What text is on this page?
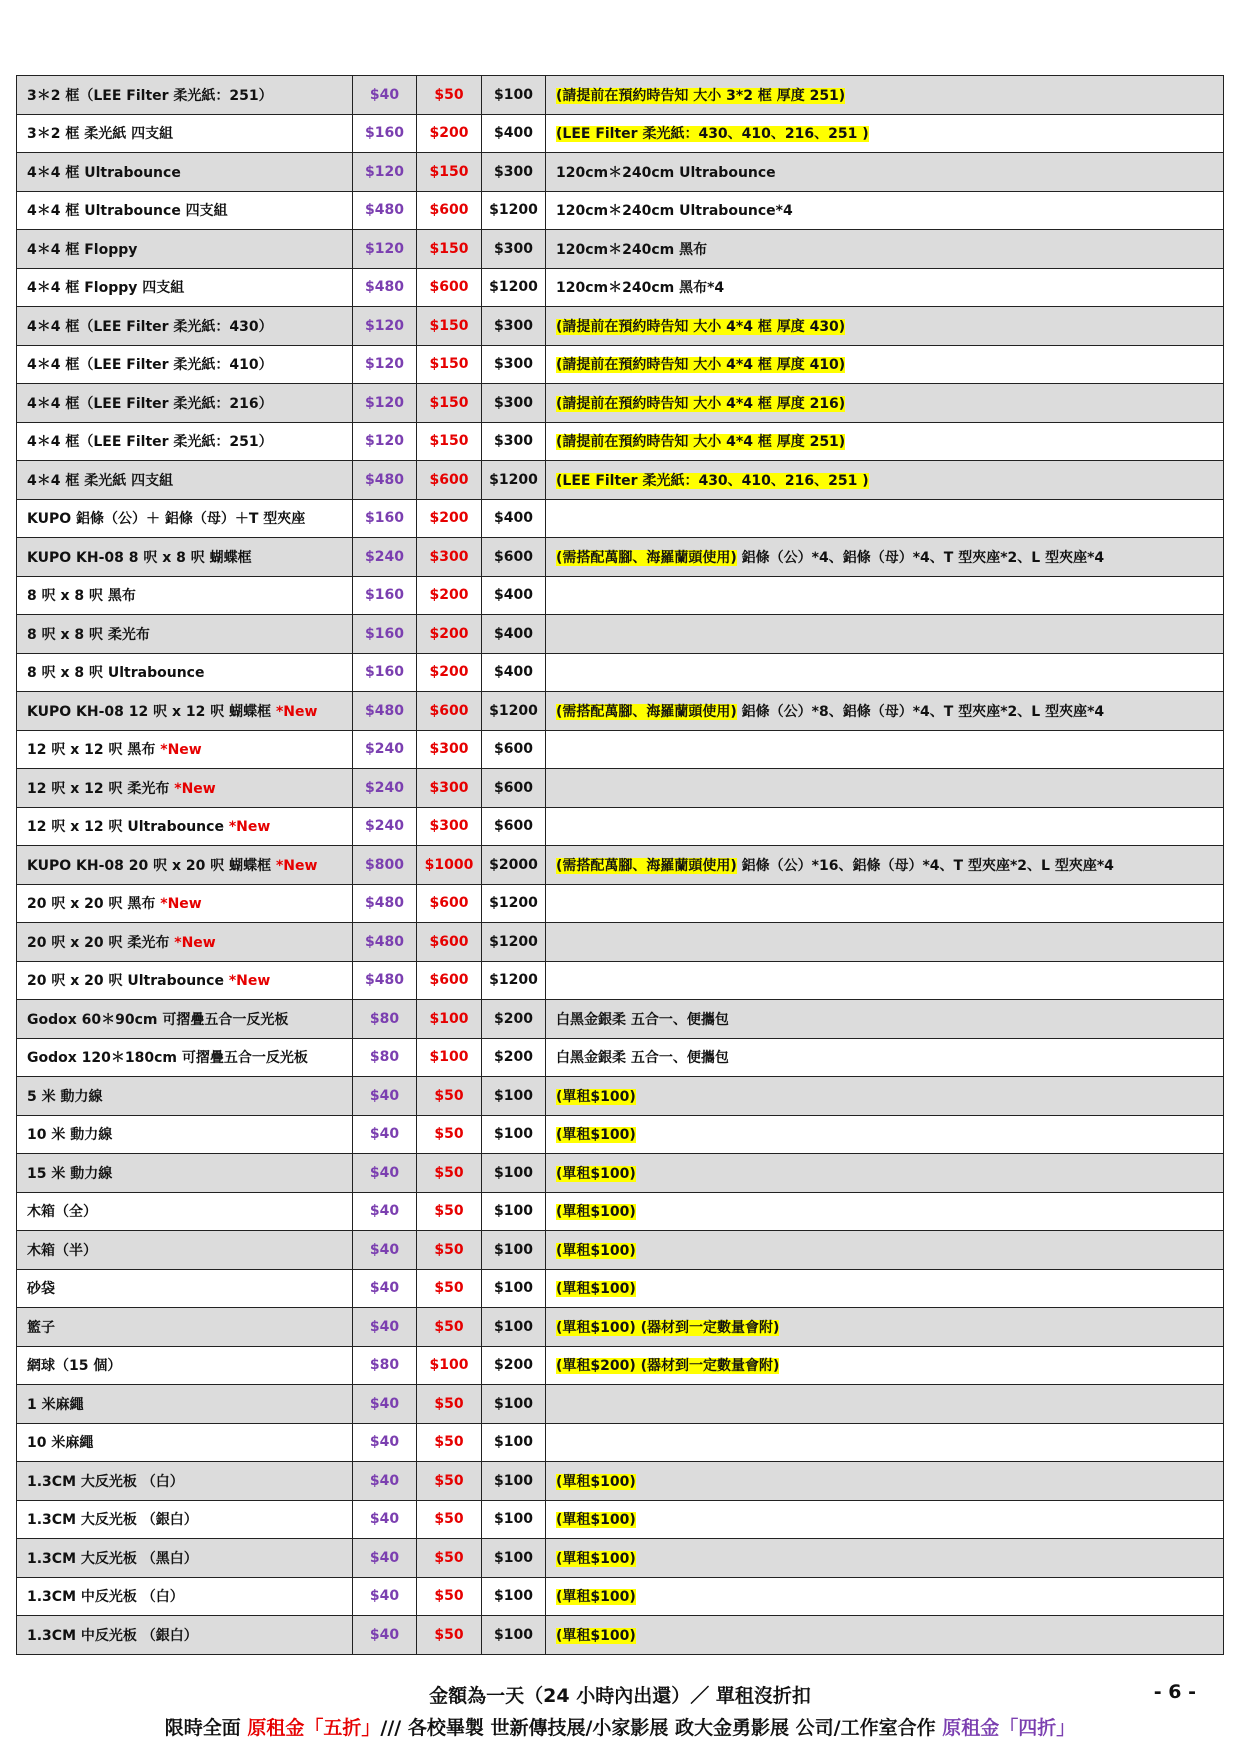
3＊2 框（LEE Filter 柔光紙：251）	$40	$50	$100	(請提前在預約時告知 大小 3*2 框 厚度 251)
3＊2 框 柔光紙 四支組	$160	$200	$400	(LEE Filter 柔光紙：430、410、216、251 )
4＊4 框 Ultrabounce	$120	$150	$300	120cm＊240cm Ultrabounce
4＊4 框 Ultrabounce 四支組	$480	$600	$1200	120cm＊240cm Ultrabounce*4
4＊4 框 Floppy	$120	$150	$300	120cm＊240cm 黑布
4＊4 框 Floppy 四支組	$480	$600	$1200	120cm＊240cm 黑布*4
4＊4 框（LEE Filter 柔光紙：430）	$120	$150	$300	(請提前在預約時告知 大小 4*4 框 厚度 430)
4＊4 框（LEE Filter 柔光紙：410）	$120	$150	$300	(請提前在預約時告知 大小 4*4 框 厚度 410)
4＊4 框（LEE Filter 柔光紙：216）	$120	$150	$300	(請提前在預約時告知 大小 4*4 框 厚度 216)
4＊4 框（LEE Filter 柔光紙：251）	$120	$150	$300	(請提前在預約時告知 大小 4*4 框 厚度 251)
4＊4 框 柔光紙 四支組	$480	$600	$1200	(LEE Filter 柔光紙：430、410、216、251 )
KUPO 鋁條（公）＋ 鋁條（母）＋T 型夾座	$160	$200	$400	
KUPO KH-08 8 呎 x 8 呎 蝴蝶框	$240	$300	$600	(需搭配萬腳、海羅蘭頭使用) 鋁條（公）*4、鋁條（母）*4、T 型夾座*2、L 型夾座*4
8 呎 x 8 呎 黑布	$160	$200	$400	
8 呎 x 8 呎 柔光布	$160	$200	$400	
8 呎 x 8 呎 Ultrabounce	$160	$200	$400	
KUPO KH-08 12 呎 x 12 呎 蝴蝶框 *New	$480	$600	$1200	(需搭配萬腳、海羅蘭頭使用) 鋁條（公）*8、鋁條（母）*4、T 型夾座*2、L 型夾座*4
12 呎 x 12 呎 黑布 *New	$240	$300	$600	
12 呎 x 12 呎 柔光布 *New	$240	$300	$600	
12 呎 x 12 呎 Ultrabounce *New	$240	$300	$600	
KUPO KH-08 20 呎 x 20 呎 蝴蝶框 *New	$800	$1000	$2000	(需搭配萬腳、海羅蘭頭使用) 鋁條（公）*16、鋁條（母）*4、T 型夾座*2、L 型夾座*4
20 呎 x 20 呎 黑布 *New	$480	$600	$1200	
20 呎 x 20 呎 柔光布 *New	$480	$600	$1200	
20 呎 x 20 呎 Ultrabounce *New	$480	$600	$1200	
Godox 60＊90cm 可摺疊五合一反光板	$80	$100	$200	白黑金銀柔 五合一、便攜包
Godox 120＊180cm 可摺疊五合一反光板	$80	$100	$200	白黑金銀柔 五合一、便攜包
5 米 動力線	$40	$50	$100	(單租$100)
10 米 動力線	$40	$50	$100	(單租$100)
15 米 動力線	$40	$50	$100	(單租$100)
木箱（全）	$40	$50	$100	(單租$100)
木箱（半）	$40	$50	$100	(單租$100)
砂袋	$40	$50	$100	(單租$100)
籃子	$40	$50	$100	(單租$100) (器材到一定數量會附)
網球（15 個）	$80	$100	$200	(單租$200) (器材到一定數量會附)
1 米麻繩	$40	$50	$100	
10 米麻繩	$40	$50	$100	
1.3CM 大反光板 （白）	$40	$50	$100	(單租$100)
1.3CM 大反光板 （銀白）	$40	$50	$100	(單租$100)
1.3CM 大反光板 （黑白）	$40	$50	$100	(單租$100)
1.3CM 中反光板 （白）	$40	$50	$100	(單租$100)
1.3CM 中反光板 （銀白）	$40	$50	$100	(單租$100)
金額為一天（24 小時內出還）／ 單租沒折扣	- 6 -
限時全面 原租金「五折」/// 各校畢製 世新傳技展/小家影展 政大金勇影展 公司/工作室合作 原租金「四折」
